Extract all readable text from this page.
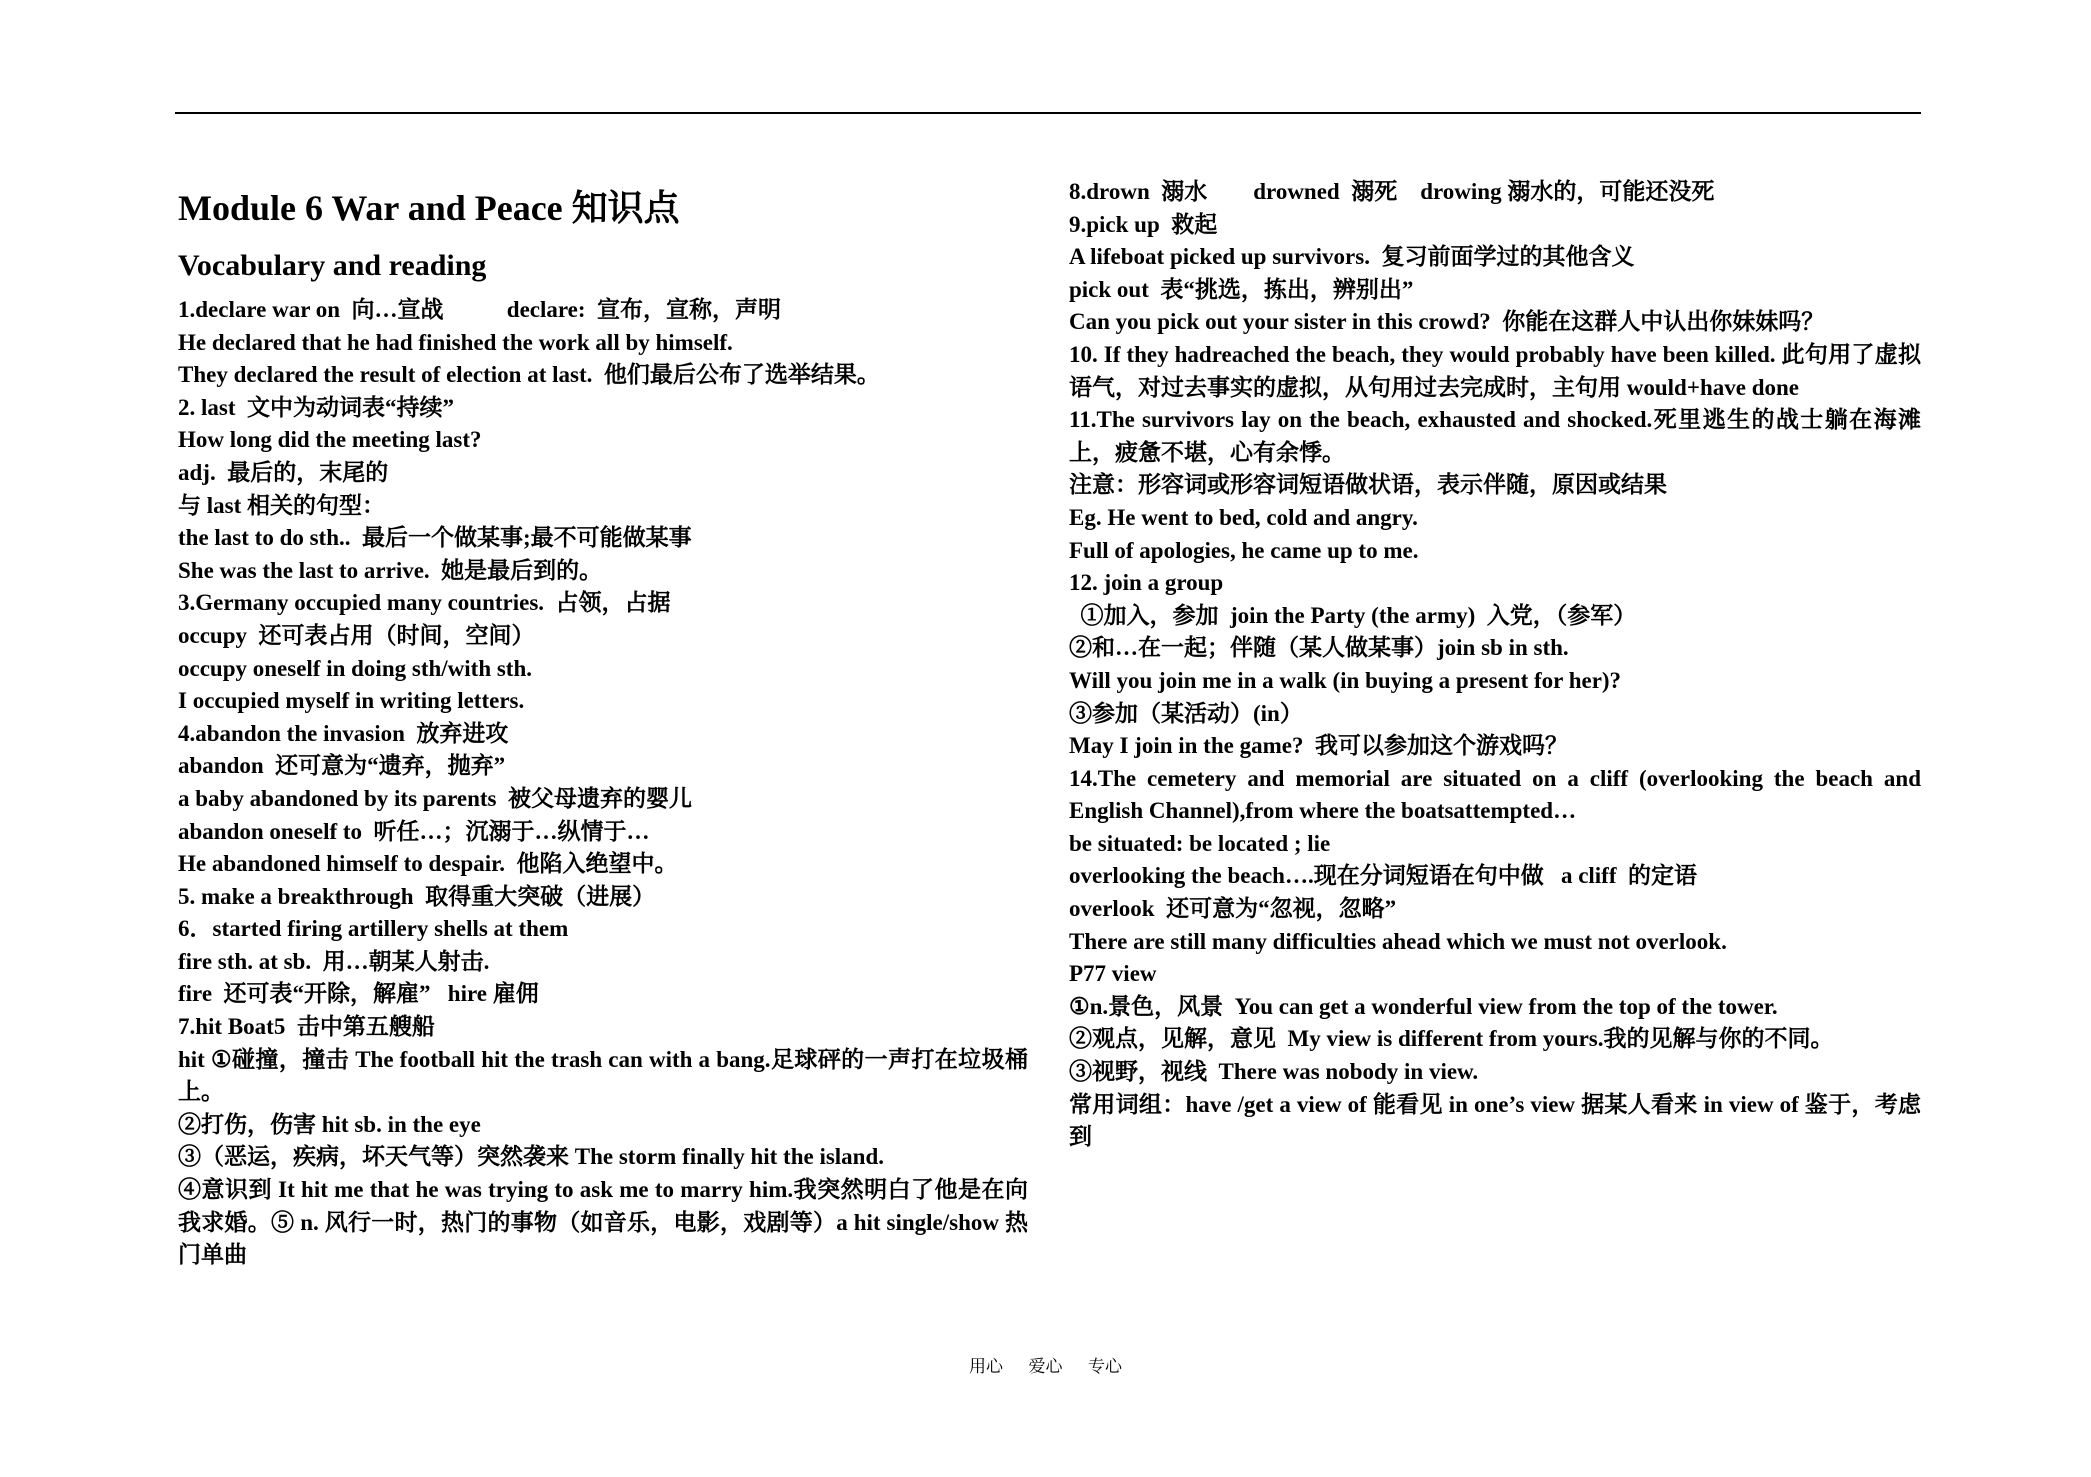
Module 6 War and Peace 知识点
Vocabulary and reading
1.declare war on  向…宣战           declare:  宣布，宣称，声明
He declared that he had finished the work all by himself.
They declared the result of election at last.  他们最后公布了选举结果。
2. last  文中为动词表“持续”
How long did the meeting last?
adj.  最后的，末尾的
与 last 相关的句型：
the last to do sth..  最后一个做某事;最不可能做某事
She was the last to arrive.  她是最后到的。
3.Germany occupied many countries.  占领，占据
occupy  还可表占用（时间，空间）
occupy oneself in doing sth/with sth.
I occupied myself in writing letters.
4.abandon the invasion  放弃进攻
abandon  还可意为“遗弃，抛弃”
a baby abandoned by its parents  被父母遗弃的婴儿
abandon oneself to  听任…；沉溺于…纵情于…
He abandoned himself to despair.  他陷入绝望中。
5. make a breakthrough  取得重大突破（进展）
6．started firing artillery shells at them
fire sth. at sb.  用…朝某人射击.
fire  还可表“开除，解雇”   hire 雇佣
7.hit Boat5  击中第五艘船
hit ①碰撞，撞击 The football hit the trash can with a bang.足球砰的一声打在垃圾桶上。
②打伤，伤害 hit sb. in the eye
③（恶运，疾病，坏天气等）突然袭来 The storm finally hit the island.
④意识到 It hit me that he was trying to ask me to marry him.我突然明白了他是在向我求婚。⑤ n. 风行一时，热门的事物（如音乐，电影，戏剧等）a hit single/show 热门单曲
8.drown  溺水        drowned  溺死    drowing 溺水的，可能还没死
9.pick up  救起
A lifeboat picked up survivors.  复习前面学过的其他含义
pick out  表“挑选，拣出，辨别出”
Can you pick out your sister in this crowd?  你能在这群人中认出你妹妹吗？
10. If they hadreached the beach, they would probably have been killed. 此句用了虚拟语气，对过去事实的虚拟，从句用过去完成时，主句用 would+have done
11.The survivors lay on the beach, exhausted and shocked.死里逃生的战士躺在海滩上，疲惫不堪，心有余悸。
注意：形容词或形容词短语做状语，表示伴随，原因或结果
Eg. He went to bed, cold and angry.
Full of apologies, he came up to me.
12. join a group
①加入，参加  join the Party (the army)  入党，（参军）
②和…在一起；伴随（某人做某事）join sb in sth.
Will you join me in a walk (in buying a present for her)?
③参加（某活动）(in）
May I join in the game?  我可以参加这个游戏吗？
14.The cemetery and memorial are situated on a cliff (overlooking the beach and English Channel),from where the boatsattempted…
be situated: be located ; lie
overlooking the beach….现在分词短语在句中做   a cliff  的定语
overlook  还可意为“忽视，忽略”
There are still many difficulties ahead which we must not overlook.
P77 view
①n.景色，风景  You can get a wonderful view from the top of the tower.
②观点，见解，意见  My view is different from yours.我的见解与你的不同。
③视野，视线  There was nobody in view.
常用词组：have /get a view of 能看见 in one’s view 据某人看来 in view of 鉴于，考虑到
用心      爱心      专心
